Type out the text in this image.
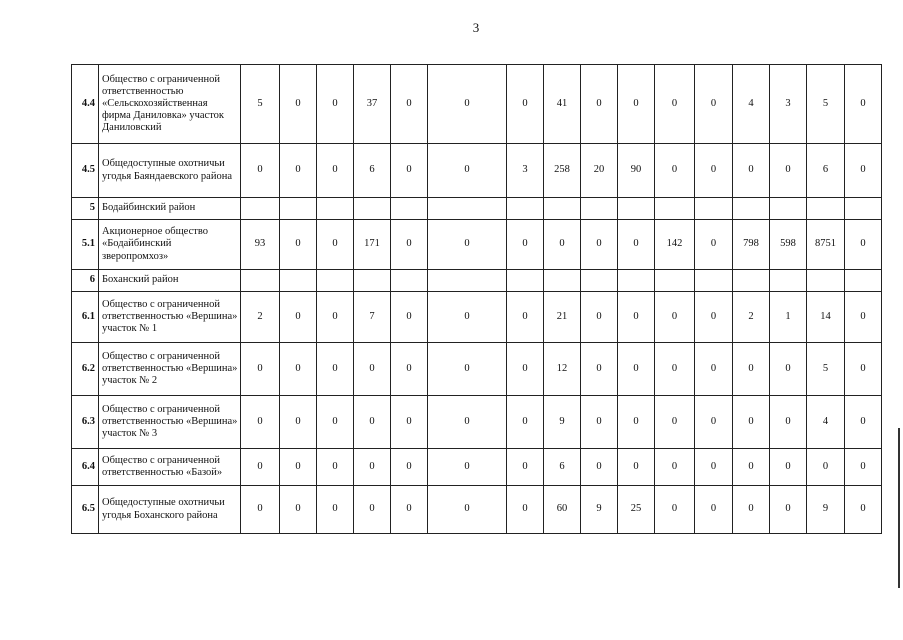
3
4.4	Общество с ограниченной ответственностью «Сельскохозяйственная фирма Даниловка» участок Даниловский	5	0	0	37	0	0	0	41	0	0	0	0	4	3	5	0
4.5	Общедоступные охотничьи угодья Баяндаевского района	0	0	0	6	0	0	3	258	20	90	0	0	0	0	6	0
5	Бодайбинский район																
5.1	Акционерное общество «Бодайбинский зверопромхоз»	93	0	0	171	0	0	0	0	0	0	142	0	798	598	8751	0
6	Боханский район																
6.1	Общество с ограниченной ответственностью «Вершина» участок № 1	2	0	0	7	0	0	0	21	0	0	0	0	2	1	14	0
6.2	Общество с ограниченной ответственностью «Вершина» участок № 2	0	0	0	0	0	0	0	12	0	0	0	0	0	0	5	0
6.3	Общество с ограниченной ответственностью «Вершина» участок № 3	0	0	0	0	0	0	0	9	0	0	0	0	0	0	4	0
6.4	Общество с ограниченной ответственностью «Базой»	0	0	0	0	0	0	0	6	0	0	0	0	0	0	0	0
6.5	Общедоступные охотничьи угодья Боханского района	0	0	0	0	0	0	0	60	9	25	0	0	0	0	9	0
